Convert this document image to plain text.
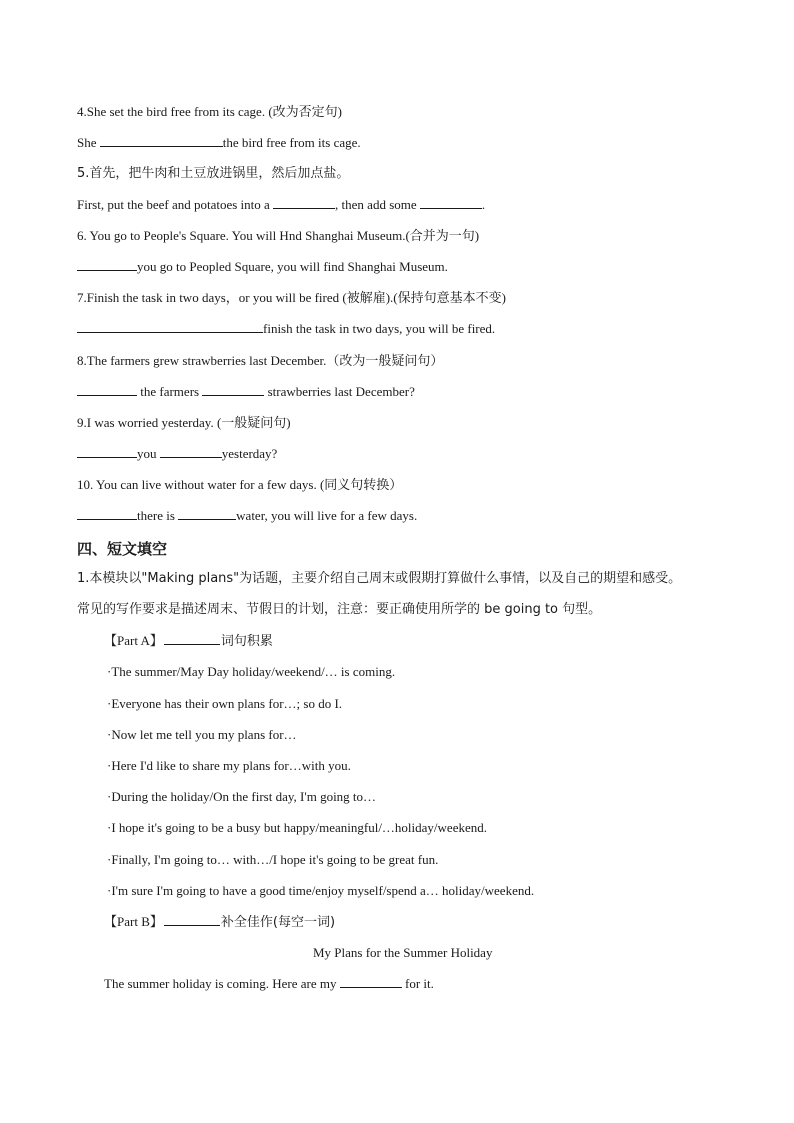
4.She set the bird free from its cage. (改为否定句)
She	the bird free from its cage.
5.首先，把牛肉和土豆放进锅里，然后加点盐。
First, put the beef and potatoes into a	, then add some	.
6. You go to People's Square. You will Hnd Shanghai Museum.(合并为一句)
you go to Peopled Square, you will find Shanghai Museum.
7.Finish the task in two days，or you will be fired (被解雇).(保持句意基本不变)
finish the task in two days, you will be fired.
8.The farmers grew strawberries last December.（改为一般疑问句）
the farmers	strawberries last December?
9.I was worried yesterday. (一般疑问句)
you	yesterday?
10. You can live without water for a few days. (同义句转换）
there is	water, you will live for a few days.
四、短文填空
1.本模块以"Making plans"为话题，主要介绍自己周末或假期打算做什么事情，以及自己的期望和感受。
常见的写作要求是描述周末、节假日的计划，注意：要正确使用所学的 be going to 句型。
【Part A】	词句积累
·The summer/May Day holiday/weekend/… is coming.
·Everyone has their own plans for…; so do I.
·Now let me tell you my plans for…
·Here I'd like to share my plans for…with you.
·During the holiday/On the first day, I'm going to…
·I hope it's going to be a busy but happy/meaningful/…holiday/weekend.
·Finally, I'm going to… with…/I hope it's going to be great fun.
·I'm sure I'm going to have a good time/enjoy myself/spend a… holiday/weekend.
【Part B】	补全佳作(每空一词)
My Plans for the Summer Holiday
The summer holiday is coming. Here are my	for it.
